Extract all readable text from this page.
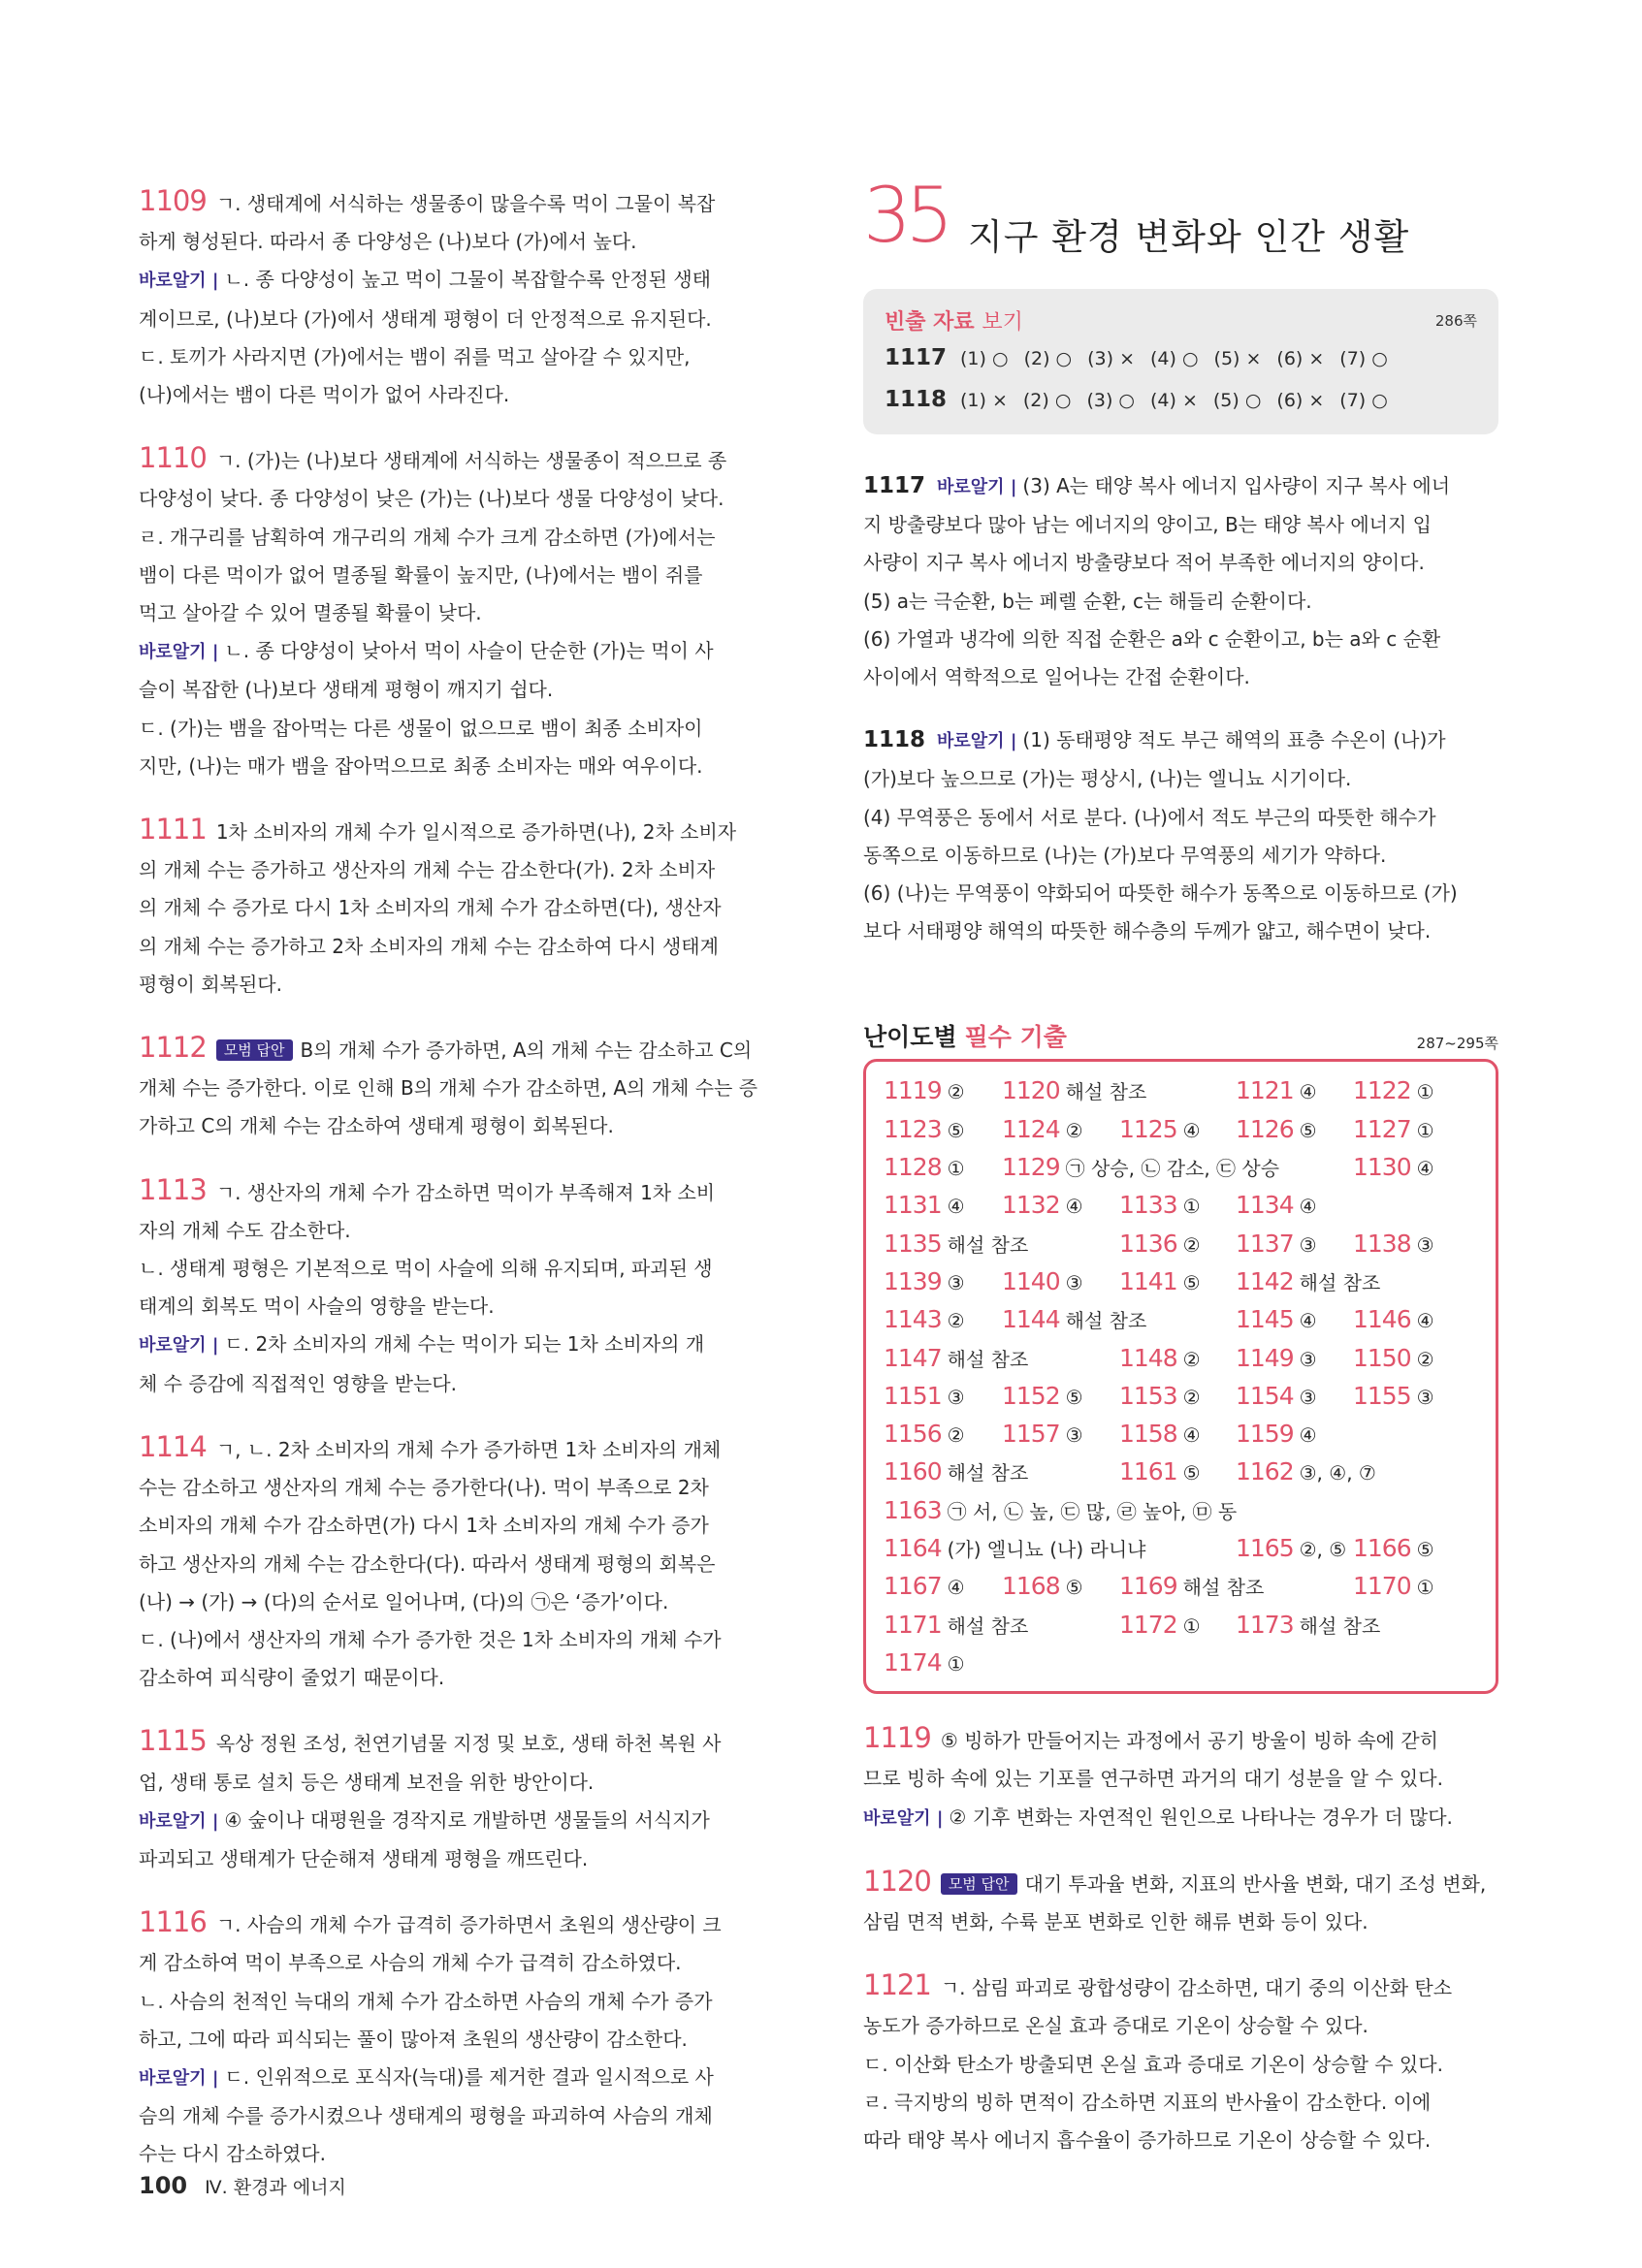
1109 ㄱ. 생태계에 서식하는 생물종이 많을수록 먹이 그물이 복잡

하게 형성된다. 따라서 종 다양성은 (나)보다 (가)에서 높다.
바로알기 | ㄴ. 종 다양성이 높고 먹이 그물이 복잡할수록 안정된 생태
계이므로, (나)보다 (가)에서 생태계 평형이 더 안정적으로 유지된다.
ㄷ. 토끼가 사라지면 (가)에서는 뱀이 쥐를 먹고 살아갈 수 있지만,
(나)에서는 뱀이 다른 먹이가 없어 사라진다.

1110 ㄱ. (가)는 (나)보다 생태계에 서식하는 생물종이 적으므로 종

다양성이 낮다. 종 다양성이 낮은 (가)는 (나)보다 생물 다양성이 낮다.
ㄹ. 개구리를 남획하여 개구리의 개체 수가 크게 감소하면 (가)에서는
뱀이 다른 먹이가 없어 멸종될 확률이 높지만, (나)에서는 뱀이 쥐를
먹고 살아갈 수 있어 멸종될 확률이 낮다.
바로알기 | ㄴ. 종 다양성이 낮아서 먹이 사슬이 단순한 (가)는 먹이 사
슬이 복잡한 (나)보다 생태계 평형이 깨지기 쉽다.
ㄷ. (가)는 뱀을 잡아먹는 다른 생물이 없으므로 뱀이 최종 소비자이
지만, (나)는 매가 뱀을 잡아먹으므로 최종 소비자는 매와 여우이다.

1111 1차 소비자의 개체 수가 일시적으로 증가하면(나), 2차 소비자

의 개체 수는 증가하고 생산자의 개체 수는 감소한다(가). 2차 소비자
의 개체 수 증가로 다시 1차 소비자의 개체 수가 감소하면(다), 생산자
의 개체 수는 증가하고 2차 소비자의 개체 수는 감소하여 다시 생태계
평형이 회복된다.
1112 모범 답안 B의 개체 수가 증가하면, A의 개체 수는 감소하고 C의
개체 수는 증가한다. 이로 인해 B의 개체 수가 감소하면, A의 개체 수는 증
가하고 C의 개체 수는 감소하여 생태계 평형이 회복된다.
1113 ㄱ. 생산자의 개체 수가 감소하면 먹이가 부족해져 1차 소비

자의 개체 수도 감소한다.
ㄴ. 생태계 평형은 기본적으로 먹이 사슬에 의해 유지되며, 파괴된 생
태계의 회복도 먹이 사슬의 영향을 받는다.
바로알기 | ㄷ. 2차 소비자의 개체 수는 먹이가 되는 1차 소비자의 개
체 수 증감에 직접적인 영향을 받는다.

1114 ㄱ, ㄴ. 2차 소비자의 개체 수가 증가하면 1차 소비자의 개체

수는 감소하고 생산자의 개체 수는 증가한다(나). 먹이 부족으로 2차
소비자의 개체 수가 감소하면(가) 다시 1차 소비자의 개체 수가 증가
하고 생산자의 개체 수는 감소한다(다). 따라서 생태계 평형의 회복은
(나) → (가) → (다)의 순서로 일어나며, (다)의 ㉠은 ‘증가’이다.
ㄷ. (나)에서 생산자의 개체 수가 증가한 것은 1차 소비자의 개체 수가
감소하여 피식량이 줄었기 때문이다.
1115 옥상 정원 조성, 천연기념물 지정 및 보호, 생태 하천 복원 사

업, 생태 통로 설치 등은 생태계 보전을 위한 방안이다.
바로알기 | ④ 숲이나 대평원을 경작지로 개발하면 생물들의 서식지가
파괴되고 생태계가 단순해져 생태계 평형을 깨뜨린다.

1116 ㄱ. 사슴의 개체 수가 급격히 증가하면서 초원의 생산량이 크

게 감소하여 먹이 부족으로 사슴의 개체 수가 급격히 감소하였다.
ㄴ. 사슴의 천적인 늑대의 개체 수가 감소하면 사슴의 개체 수가 증가
하고, 그에 따라 피식되는 풀이 많아져 초원의 생산량이 감소한다.
바로알기 | ㄷ. 인위적으로 포식자(늑대)를 제거한 결과 일시적으로 사
슴의 개체 수를 증가시켰으나 생태계의 평형을 파괴하여 사슴의 개체
수는 다시 감소하였다.

35 지구 환경 변화와 인간 생활
빈출 자료 보기	286쪽
1117 (1) ○ (2) ○ (3) × (4) ○ (5) × (6) × (7) ○
1118 (1) × (2) ○ (3) ○ (4) × (5) ○ (6) × (7) ○
1117 바로알기 | (3) A는 태양 복사 에너지 입사량이 지구 복사 에너
지 방출량보다 많아 남는 에너지의 양이고, B는 태양 복사 에너지 입
사량이 지구 복사 에너지 방출량보다 적어 부족한 에너지의 양이다.
(5) a는 극순환, b는 페렐 순환, c는 해들리 순환이다.
(6) 가열과 냉각에 의한 직접 순환은 a와 c 순환이고, b는 a와 c 순환
사이에서 역학적으로 일어나는 간접 순환이다.
1118 바로알기 | (1) 동태평양 적도 부근 해역의 표층 수온이 (나)가
(가)보다 높으므로 (가)는 평상시, (나)는 엘니뇨 시기이다.
(4) 무역풍은 동에서 서로 분다. (나)에서 적도 부근의 따뜻한 해수가
동쪽으로 이동하므로 (나)는 (가)보다 무역풍의 세기가 약하다.
(6) (나)는 무역풍이 약화되어 따뜻한 해수가 동쪽으로 이동하므로 (가)
보다 서태평양 해역의 따뜻한 해수층의 두께가 얇고, 해수면이 낮다.
난이도별 필수 기출	287~295쪽
1119 ② 1120 해설 참조	1121 ④ 1122 ①
1123 ⑤ 1124 ② 1125 ④ 1126 ⑤ 1127 ①
1128 ① 1129 ㉠ 상승, ㉡ 감소, ㉢ 상승	1130 ④
1131 ④ 1132 ④ 1133 ① 1134 ④
1135 해설 참조	1136 ② 1137 ③ 1138 ③
1139 ③ 1140 ③ 1141 ⑤ 1142 해설 참조
1143 ② 1144 해설 참조	1145 ④ 1146 ④
1147 해설 참조	1148 ② 1149 ③ 1150 ②
1151 ③ 1152 ⑤ 1153 ② 1154 ③ 1155 ③
1156 ② 1157 ③ 1158 ④ 1159 ④
1160 해설 참조	1161 ⑤ 1162 ③, ④, ⑦
1163 ㉠ 서, ㉡ 높, ㉢ 많, ㉣ 높아, ㉤ 동
1164 (가) 엘니뇨 (나) 라니냐	1165 ②, ⑤ 1166 ⑤
1167 ④ 1168 ⑤ 1169 해설 참조	1170 ①
1171 해설 참조	1172 ① 1173 해설 참조
1174 ①
1119 ⑤ 빙하가 만들어지는 과정에서 공기 방울이 빙하 속에 갇히

므로 빙하 속에 있는 기포를 연구하면 과거의 대기 성분을 알 수 있다.
바로알기 | ② 기후 변화는 자연적인 원인으로 나타나는 경우가 더 많다.

1120 모범 답안 대기 투과율 변화, 지표의 반사율 변화, 대기 조성 변화,
삼림 면적 변화, 수륙 분포 변화로 인한 해류 변화 등이 있다.
1121 ㄱ. 삼림 파괴로 광합성량이 감소하면, 대기 중의 이산화 탄소

농도가 증가하므로 온실 효과 증대로 기온이 상승할 수 있다.
ㄷ. 이산화 탄소가 방출되면 온실 효과 증대로 기온이 상승할 수 있다.
ㄹ. 극지방의 빙하 면적이 감소하면 지표의 반사율이 감소한다. 이에
따라 태양 복사 에너지 흡수율이 증가하므로 기온이 상승할 수 있다.
100 Ⅳ. 환경과 에너지
